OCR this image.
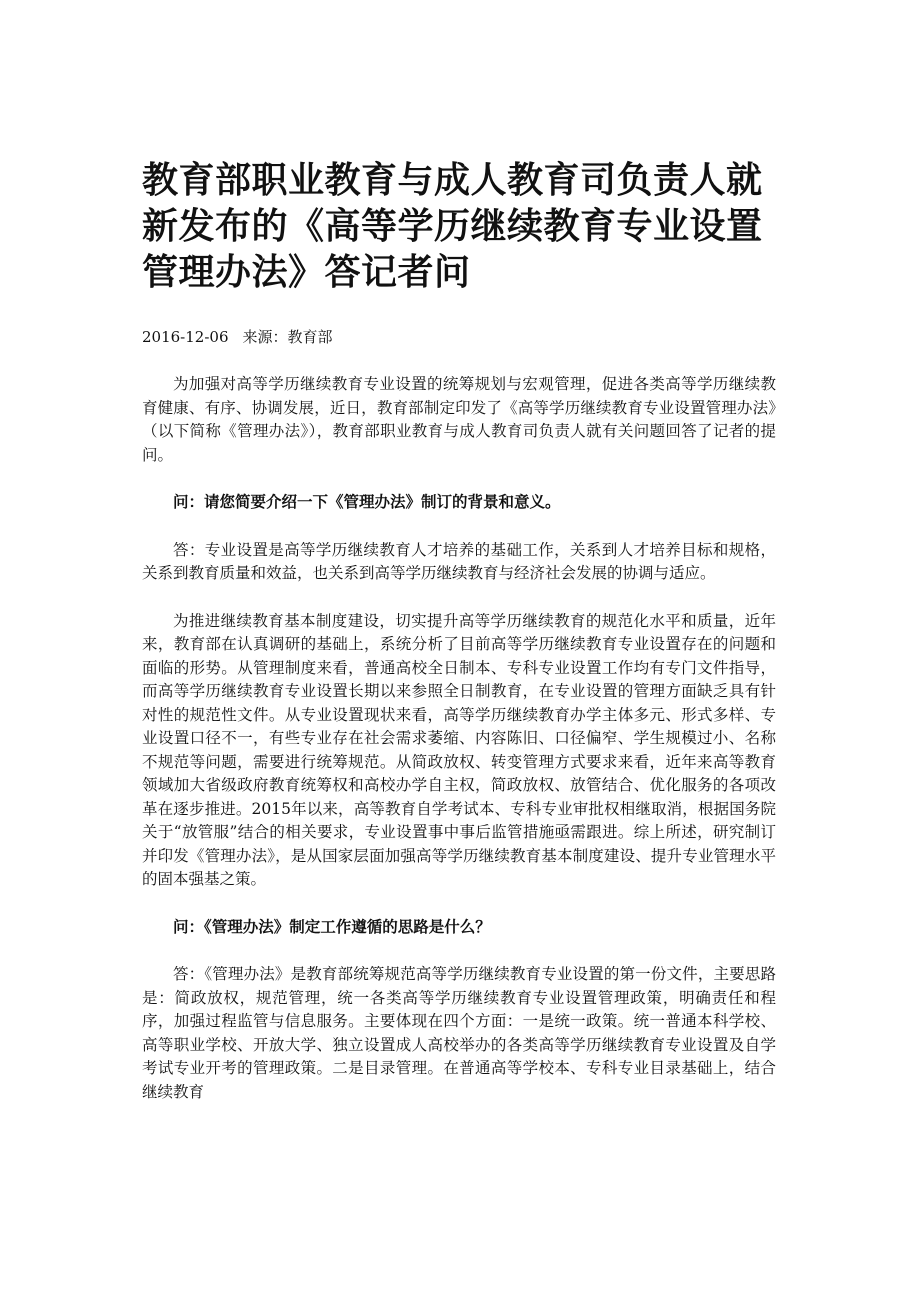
教育部职业教育与成人教育司负责人就新发布的《高等学历继续教育专业设置管理办法》答记者问
2016-12-06 来源：教育部

为加强对高等学历继续教育专业设置的统筹规划与宏观管理，促进各类高等学历继续教育健康、有序、协调发展，近日，教育部制定印发了《高等学历继续教育专业设置管理办法》（以下简称《管理办法》），教育部职业教育与成人教育司负责人就有关问题回答了记者的提问。

问：请您简要介绍一下《管理办法》制订的背景和意义。

答：专业设置是高等学历继续教育人才培养的基础工作，关系到人才培养目标和规格，关系到教育质量和效益，也关系到高等学历继续教育与经济社会发展的协调与适应。

为推进继续教育基本制度建设，切实提升高等学历继续教育的规范化水平和质量，近年来，教育部在认真调研的基础上，系统分析了目前高等学历继续教育专业设置存在的问题和面临的形势。从管理制度来看，普通高校全日制本、专科专业设置工作均有专门文件指导，而高等学历继续教育专业设置长期以来参照全日制教育，在专业设置的管理方面缺乏具有针对性的规范性文件。从专业设置现状来看，高等学历继续教育办学主体多元、形式多样、专业设置口径不一，有些专业存在社会需求萎缩、内容陈旧、口径偏窄、学生规模过小、名称不规范等问题，需要进行统筹规范。从简政放权、转变管理方式要求来看，近年来高等教育领域加大省级政府教育统筹权和高校办学自主权，简政放权、放管结合、优化服务的各项改革在逐步推进。2015年以来，高等教育自学考试本、专科专业审批权相继取消，根据国务院关于“放管服”结合的相关要求，专业设置事中事后监管措施亟需跟进。综上所述，研究制订并印发《管理办法》，是从国家层面加强高等学历继续教育基本制度建设、提升专业管理水平的固本强基之策。

问：《管理办法》制定工作遵循的思路是什么？

答：《管理办法》是教育部统筹规范高等学历继续教育专业设置的第一份文件，主要思路是：简政放权，规范管理，统一各类高等学历继续教育专业设置管理政策，明确责任和程序，加强过程监管与信息服务。主要体现在四个方面：一是统一政策。统一普通本科学校、高等职业学校、开放大学、独立设置成人高校举办的各类高等学历继续教育专业设置及自学考试专业开考的管理政策。二是目录管理。在普通高等学校本、专科专业目录基础上，结合继续教育
